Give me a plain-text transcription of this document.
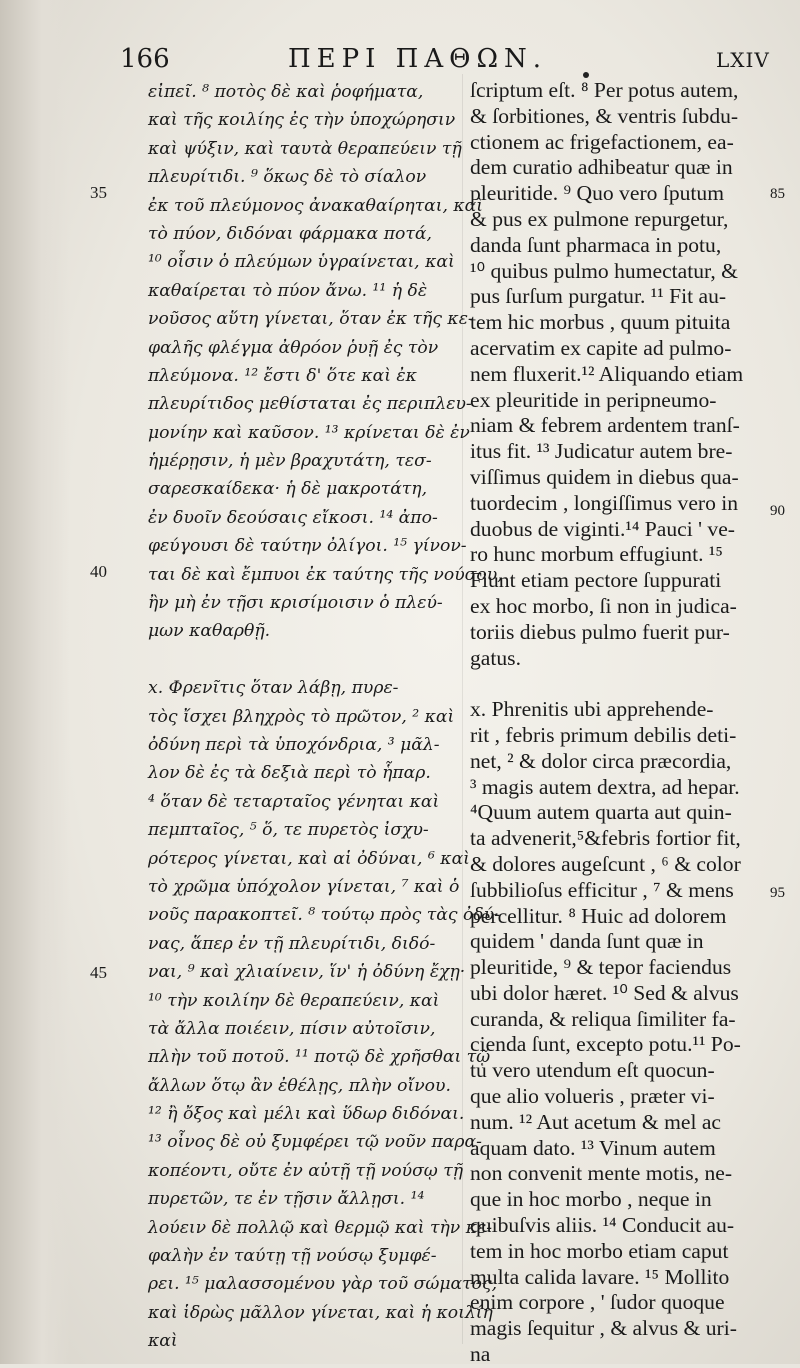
166	ΠΕΡΙ ΠΑΘΩΝ.	LXIV
εἰπεῖ. ⁸ ποτὸς δὲ καὶ ῥοφήματα,
καὶ τῆς κοιλίης ἐς τὴν ὑποχώρησιν
καὶ ψύξιν, καὶ ταυτὰ θεραπεύειν τῇ
πλευρίτιδι. ⁹ ὅκως δὲ τὸ σίαλον
ἐκ τοῦ πλεύμονος ἀνακαθαίρηται, καὶ
τὸ πύον, διδόναι φάρμακα ποτά,
¹⁰ οἷσιν ὁ πλεύμων ὑγραίνεται, καὶ
καθαίρεται τὸ πύον ἄνω. ¹¹ ἡ δὲ
νοῦσος αὕτη γίνεται, ὅταν ἐκ τῆς κε-
φαλῆς φλέγμα ἀθρόον ῥυῇ ἐς τὸν
πλεύμονα. ¹² ἔστι δ' ὅτε καὶ ἐκ
πλευρίτιδος μεθίσταται ἐς περιπλευ-
μονίην καὶ καῦσον. ¹³ κρίνεται δὲ ἐν
ἡμέρῃσιν, ἡ μὲν βραχυτάτη, τεσ-
σαρεσκαίδεκα· ἡ δὲ μακροτάτη,
ἐν δυοῖν δεούσαις εἴκοσι. ¹⁴ ἀπο-
φεύγουσι δὲ ταύτην ὀλίγοι. ¹⁵ γίνον-
ται δὲ καὶ ἔμπυοι ἐκ ταύτης τῆς νούσου,
ἢν μὴ ἐν τῇσι κρισίμοισιν ὁ πλεύ-
μων καθαρθῇ.
x. Φρενῖτις ὅταν λάβῃ, πυρε-
τὸς ἴσχει βληχρὸς τὸ πρῶτον, ² καὶ
ὀδύνη περὶ τὰ ὑποχόνδρια, ³ μᾶλ-
λον δὲ ἐς τὰ δεξιὰ περὶ τὸ ἧπαρ.
⁴ ὅταν δὲ τεταρταῖος γένηται καὶ
πεμπταῖος, ⁵ ὅ, τε πυρετὸς ἰσχυ-
ρότερος γίνεται, καὶ αἱ ὀδύναι, ⁶ καὶ
τὸ χρῶμα ὑπόχολον γίνεται, ⁷ καὶ ὁ
νοῦς παρακοπτεῖ. ⁸ τούτῳ πρὸς τὰς ὀδύ-
νας, ἅπερ ἐν τῇ πλευρίτιδι, διδό-
ναι, ⁹ καὶ χλιαίνειν, ἵν' ἡ ὀδύνη ἔχῃ·
¹⁰ τὴν κοιλίην δὲ θεραπεύειν, καὶ
τὰ ἄλλα ποιέειν, πίσιν αὐτοῖσιν,
πλὴν τοῦ ποτοῦ. ¹¹ ποτῷ δὲ χρῆσθαι τῷ
ἄλλων ὅτῳ ἂν ἐθέλῃς, πλὴν οἴνου.
¹² ἢ ὄξος καὶ μέλι καὶ ὕδωρ διδόναι.
¹³ οἶνος δὲ οὐ ξυμφέρει τῷ νοῦν παρα-
κοπέοντι, οὔτε ἐν αὐτῇ τῇ νούσῳ τῇ
πυρετῶν, τε ἐν τῇσιν ἄλλῃσι. ¹⁴
λούειν δὲ πολλῷ καὶ θερμῷ καὶ τὴν κε-
φαλὴν ἐν ταύτῃ τῇ νούσῳ ξυμφέ-
ρει. ¹⁵ μαλασσομένου γὰρ τοῦ σώματος,
καὶ ἱδρὼς μᾶλλον γίνεται, καὶ ἡ κοιλίη
καὶ
ſcriptum eſt. ⁸ Per potus autem,
& ſorbitiones, & ventris ſubdu-
ctionem ac frigefactionem, ea-
dem curatio adhibeatur quæ in
pleuritide. ⁹ Quo vero ſputum
& pus ex pulmone repurgetur,
danda ſunt pharmaca in potu,
¹⁰ quibus pulmo humectatur, &
pus ſurſum purgatur. ¹¹ Fit au-
tem hic morbus , quum pituita
acervatim ex capite ad pulmo-
nem fluxerit.¹² Aliquando etiam
ex pleuritide in peripneumo-
niam & febrem ardentem tranſ-
itus fit. ¹³ Judicatur autem bre-
viſſimus quidem in diebus qua-
tuordecim , longiſſimus vero in
duobus de viginti.¹⁴ Pauci ' ve-
ro hunc morbum effugiunt. ¹⁵
Fiunt etiam pectore ſuppurati
ex hoc morbo, ſi non in judica-
toriis diebus pulmo fuerit pur-
gatus.
x. Phrenitis ubi apprehende-
rit , febris primum debilis deti-
net, ² & dolor circa præcordia,
³ magis autem dextra, ad hepar.
⁴Quum autem quarta aut quin-
ta advenerit,⁵&febris fortior fit,
& dolores augeſcunt , ⁶ & color
ſubbilioſus efficitur , ⁷ & mens
percellitur. ⁸ Huic ad dolorem
quidem ' danda ſunt quæ in
pleuritide, ⁹ & tepor faciendus
ubi dolor hæret. ¹⁰ Sed & alvus
curanda, & reliqua ſimiliter fa-
cienda ſunt, excepto potu.¹¹ Po-
tu vero utendum eſt quocun-
que alio volueris , præter vi-
num. ¹² Aut acetum & mel ac
aquam dato. ¹³ Vinum autem
non convenit mente motis, ne-
que in hoc morbo , neque in
quibuſvis aliis. ¹⁴ Conducit au-
tem in hoc morbo etiam caput
multa calida lavare. ¹⁵ Mollito
enim corpore , ' ſudor quoque
magis ſequitur , & alvus & uri-
na
35
40
45
85
90
95
